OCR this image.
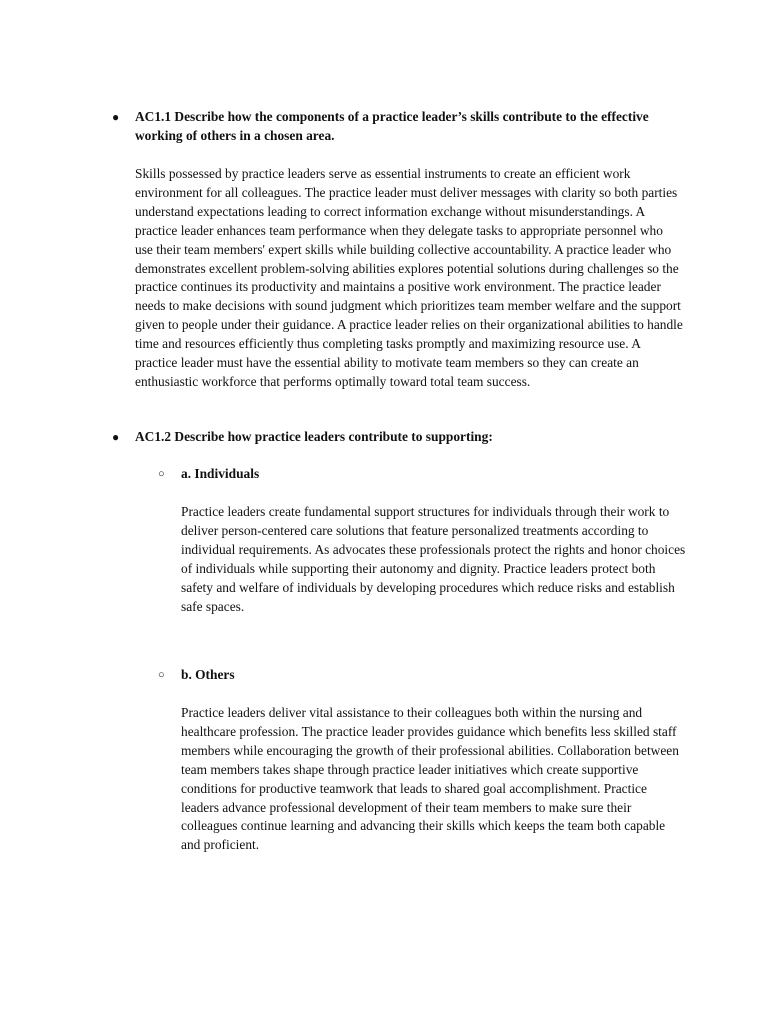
● AC1.1 Describe how the components of a practice leader’s skills contribute to the effective working of others in a chosen area.

Skills possessed by practice leaders serve as essential instruments to create an efficient work environment for all colleagues. The practice leader must deliver messages with clarity so both parties understand expectations leading to correct information exchange without misunderstandings. A practice leader enhances team performance when they delegate tasks to appropriate personnel who use their team members' expert skills while building collective accountability. A practice leader who demonstrates excellent problem-solving abilities explores potential solutions during challenges so the practice continues its productivity and maintains a positive work environment. The practice leader needs to make decisions with sound judgment which prioritizes team member welfare and the support given to people under their guidance. A practice leader relies on their organizational abilities to handle time and resources efficiently thus completing tasks promptly and maximizing resource use. A practice leader must have the essential ability to motivate team members so they can create an enthusiastic workforce that performs optimally toward total team success.

● AC1.2 Describe how practice leaders contribute to supporting:

○ a. Individuals

Practice leaders create fundamental support structures for individuals through their work to deliver person-centered care solutions that feature personalized treatments according to individual requirements. As advocates these professionals protect the rights and honor choices of individuals while supporting their autonomy and dignity. Practice leaders protect both safety and welfare of individuals by developing procedures which reduce risks and establish safe spaces.

○ b. Others

Practice leaders deliver vital assistance to their colleagues both within the nursing and healthcare profession. The practice leader provides guidance which benefits less skilled staff members while encouraging the growth of their professional abilities. Collaboration between team members takes shape through practice leader initiatives which create supportive conditions for productive teamwork that leads to shared goal accomplishment. Practice leaders advance professional development of their team members to make sure their colleagues continue learning and advancing their skills which keeps the team both capable and proficient.
